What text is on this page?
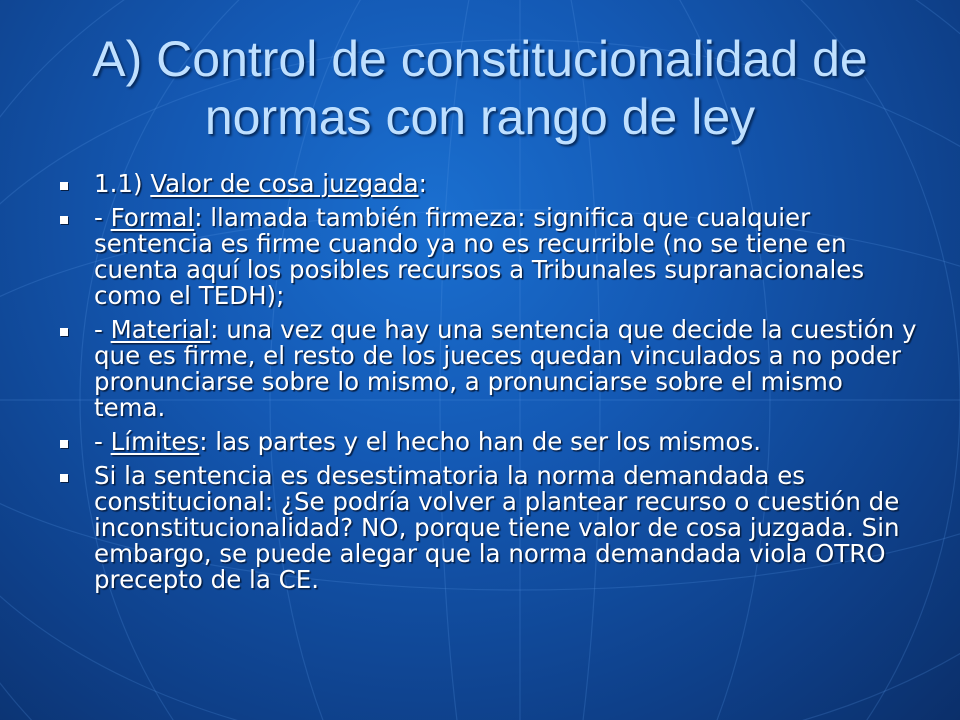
A) Control de constitucionalidad de normas con rango de ley
1.1) Valor de cosa juzgada:
- Formal: llamada también firmeza: significa que cualquier sentencia es firme cuando ya no es recurrible (no se tiene en cuenta aquí los posibles recursos a Tribunales supranacionales como el TEDH);
- Material: una vez que hay una sentencia que decide la cuestión y que es firme, el resto de los jueces quedan vinculados a no poder pronunciarse sobre lo mismo, a pronunciarse sobre el mismo tema.
- Límites: las partes y el hecho han de ser los mismos.
Si la sentencia es desestimatoria la norma demandada es constitucional: ¿Se podría volver a plantear recurso o cuestión de inconstitucionalidad? NO, porque tiene valor de cosa juzgada. Sin embargo, se puede alegar que la norma demandada viola OTRO precepto de la CE.
